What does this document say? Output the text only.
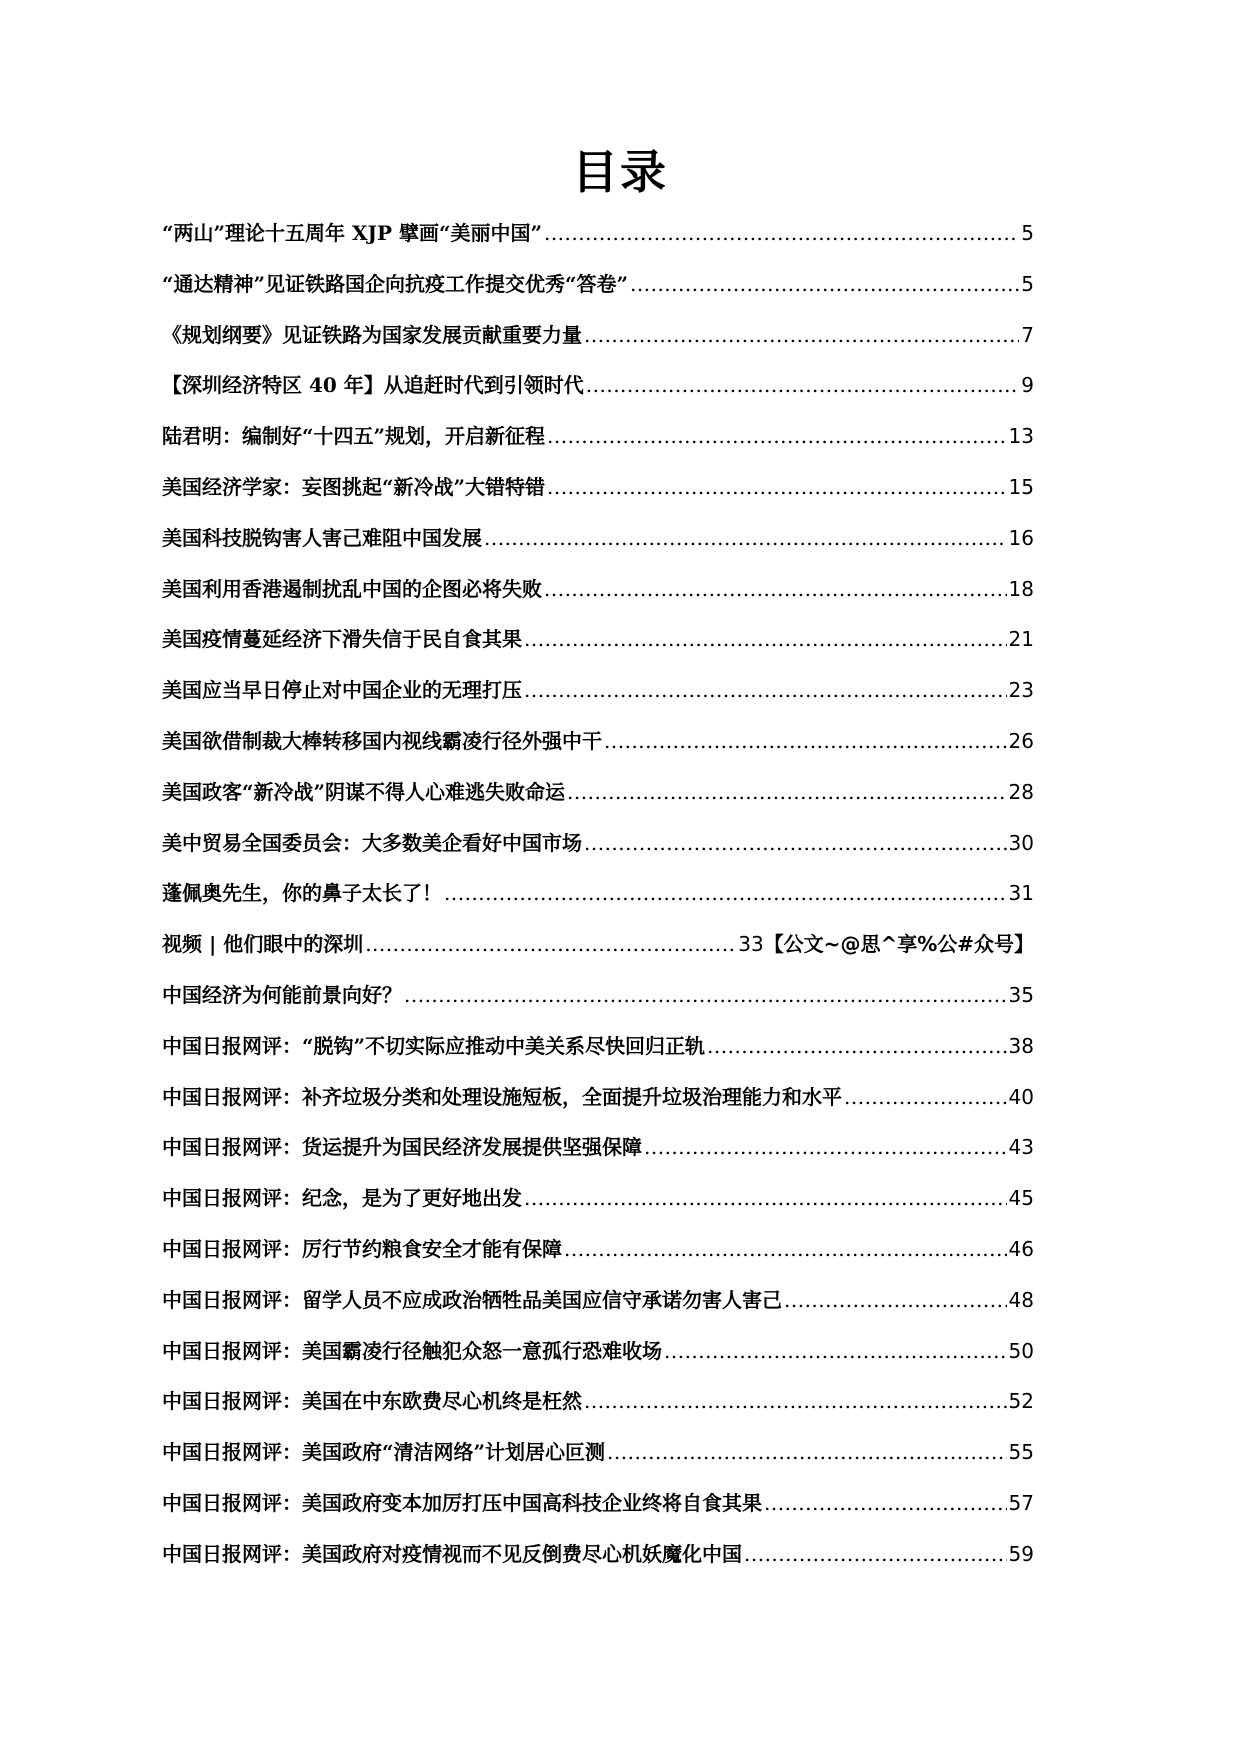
目录
“两山”理论十五周年 XJP 擘画“美丽中国” .....	5
“通达精神”见证铁路国企向抗疫工作提交优秀“答卷” .....	5
《规划纲要》见证铁路为国家发展贡献重要力量 .....	7
【深圳经济特区 40 年】从追赶时代到引领时代 .....	9
陆君明：编制好“十四五”规划，开启新征程 .....	13
美国经济学家：妄图挑起“新冷战”大错特错 .....	15
美国科技脱钩害人害己难阻中国发展 .....	16
美国利用香港遏制扰乱中国的企图必将失败 .....	18
美国疫情蔓延经济下滑失信于民自食其果 .....	21
美国应当早日停止对中国企业的无理打压 .....	23
美国欲借制裁大棒转移国内视线霸凌行径外强中干 .....	26
美国政客“新冷战”阴谋不得人心难逃失败命运 .....	28
美中贸易全国委员会：大多数美企看好中国市场 .....	30
蓬佩奥先生，你的鼻子太长了！ .....	31
视频 | 他们眼中的深圳 .....	33 【公文~@思^享%公#众号】
中国经济为何能前景向好？ .....	35
中国日报网评：“脱钩”不切实际应推动中美关系尽快回归正轨 .....	38
中国日报网评：补齐垃圾分类和处理设施短板，全面提升垃圾治理能力和水平 .....	40
中国日报网评：货运提升为国民经济发展提供坚强保障 .....	43
中国日报网评：纪念，是为了更好地出发 .....	45
中国日报网评：厉行节约粮食安全才能有保障 .....	46
中国日报网评：留学人员不应成政治牺牲品美国应信守承诺勿害人害己 .....	48
中国日报网评：美国霸凌行径触犯众怒一意孤行恐难收场 .....	50
中国日报网评：美国在中东欧费尽心机终是枉然 .....	52
中国日报网评：美国政府“清洁网络”计划居心叵测 .....	55
中国日报网评：美国政府变本加厉打压中国高科技企业终将自食其果 .....	57
中国日报网评：美国政府对疫情视而不见反倒费尽心机妖魔化中国 .....	59
